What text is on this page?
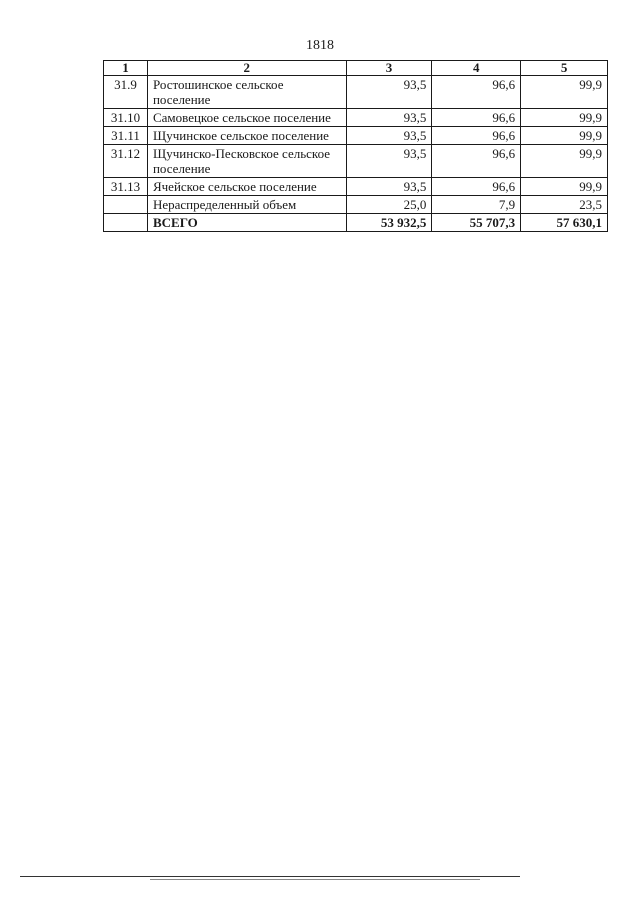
1818
1	2	3	4	5
31.9	Ростошинское сельское поселение	93,5	96,6	99,9
31.10	Самовецкое сельское поселение	93,5	96,6	99,9
31.11	Щучинское сельское поселение	93,5	96,6	99,9
31.12	Щучинско-Песковское сельское поселение	93,5	96,6	99,9
31.13	Ячейское сельское поселение	93,5	96,6	99,9
	Нераспределенный объем	25,0	7,9	23,5
	ВСЕГО	53 932,5	55 707,3	57 630,1
